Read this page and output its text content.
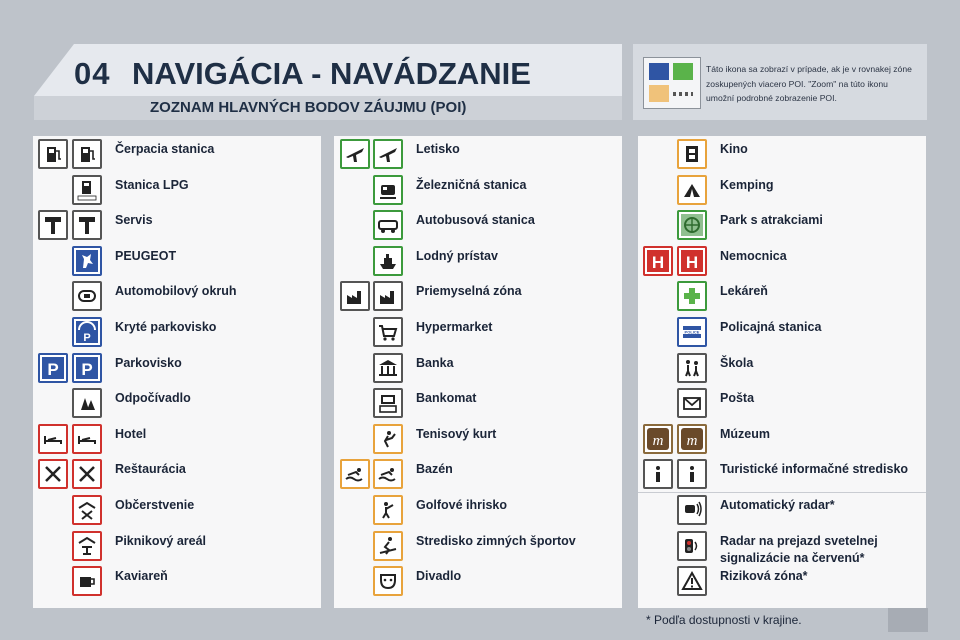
04 NAVIGÁCIA - NAVÁDZANIE
ZOZNAM HLAVNÝCH BODOV ZÁUJMU (POI)
Táto ikona sa zobrazí v prípade, ak je v rovnakej zóne zoskupených viacero POI. "Zoom" na túto ikonu umožní podrobné zobrazenie POI.
Čerpacia stanica
Stanica LPG
Servis
PEUGEOT
Automobilový okruh
P
Kryté parkovisko
P P Parkovisko
Odpočívadlo
Hotel
Reštaurácia
Občerstvenie
Piknikový areál
Kaviareň
Letisko
Železničná stanica
Autobusová stanica
Lodný prístav
Priemyselná zóna
Hypermarket
Banka
Bankomat
Tenisový kurt
Bazén
Golfové ihrisko
Stredisko zimných športov
Divadlo
Kino
Kemping
Park s atrakciami
H H Nemocnica
Lekáreň
POLICE Policajná stanica
Škola
Pošta
m m Múzeum
Turistické informačné stredisko
Automatický radar*
Radar na prejazd svetelnej signalizácie na červenú*
Riziková zóna*
* Podľa dostupnosti v krajine.
